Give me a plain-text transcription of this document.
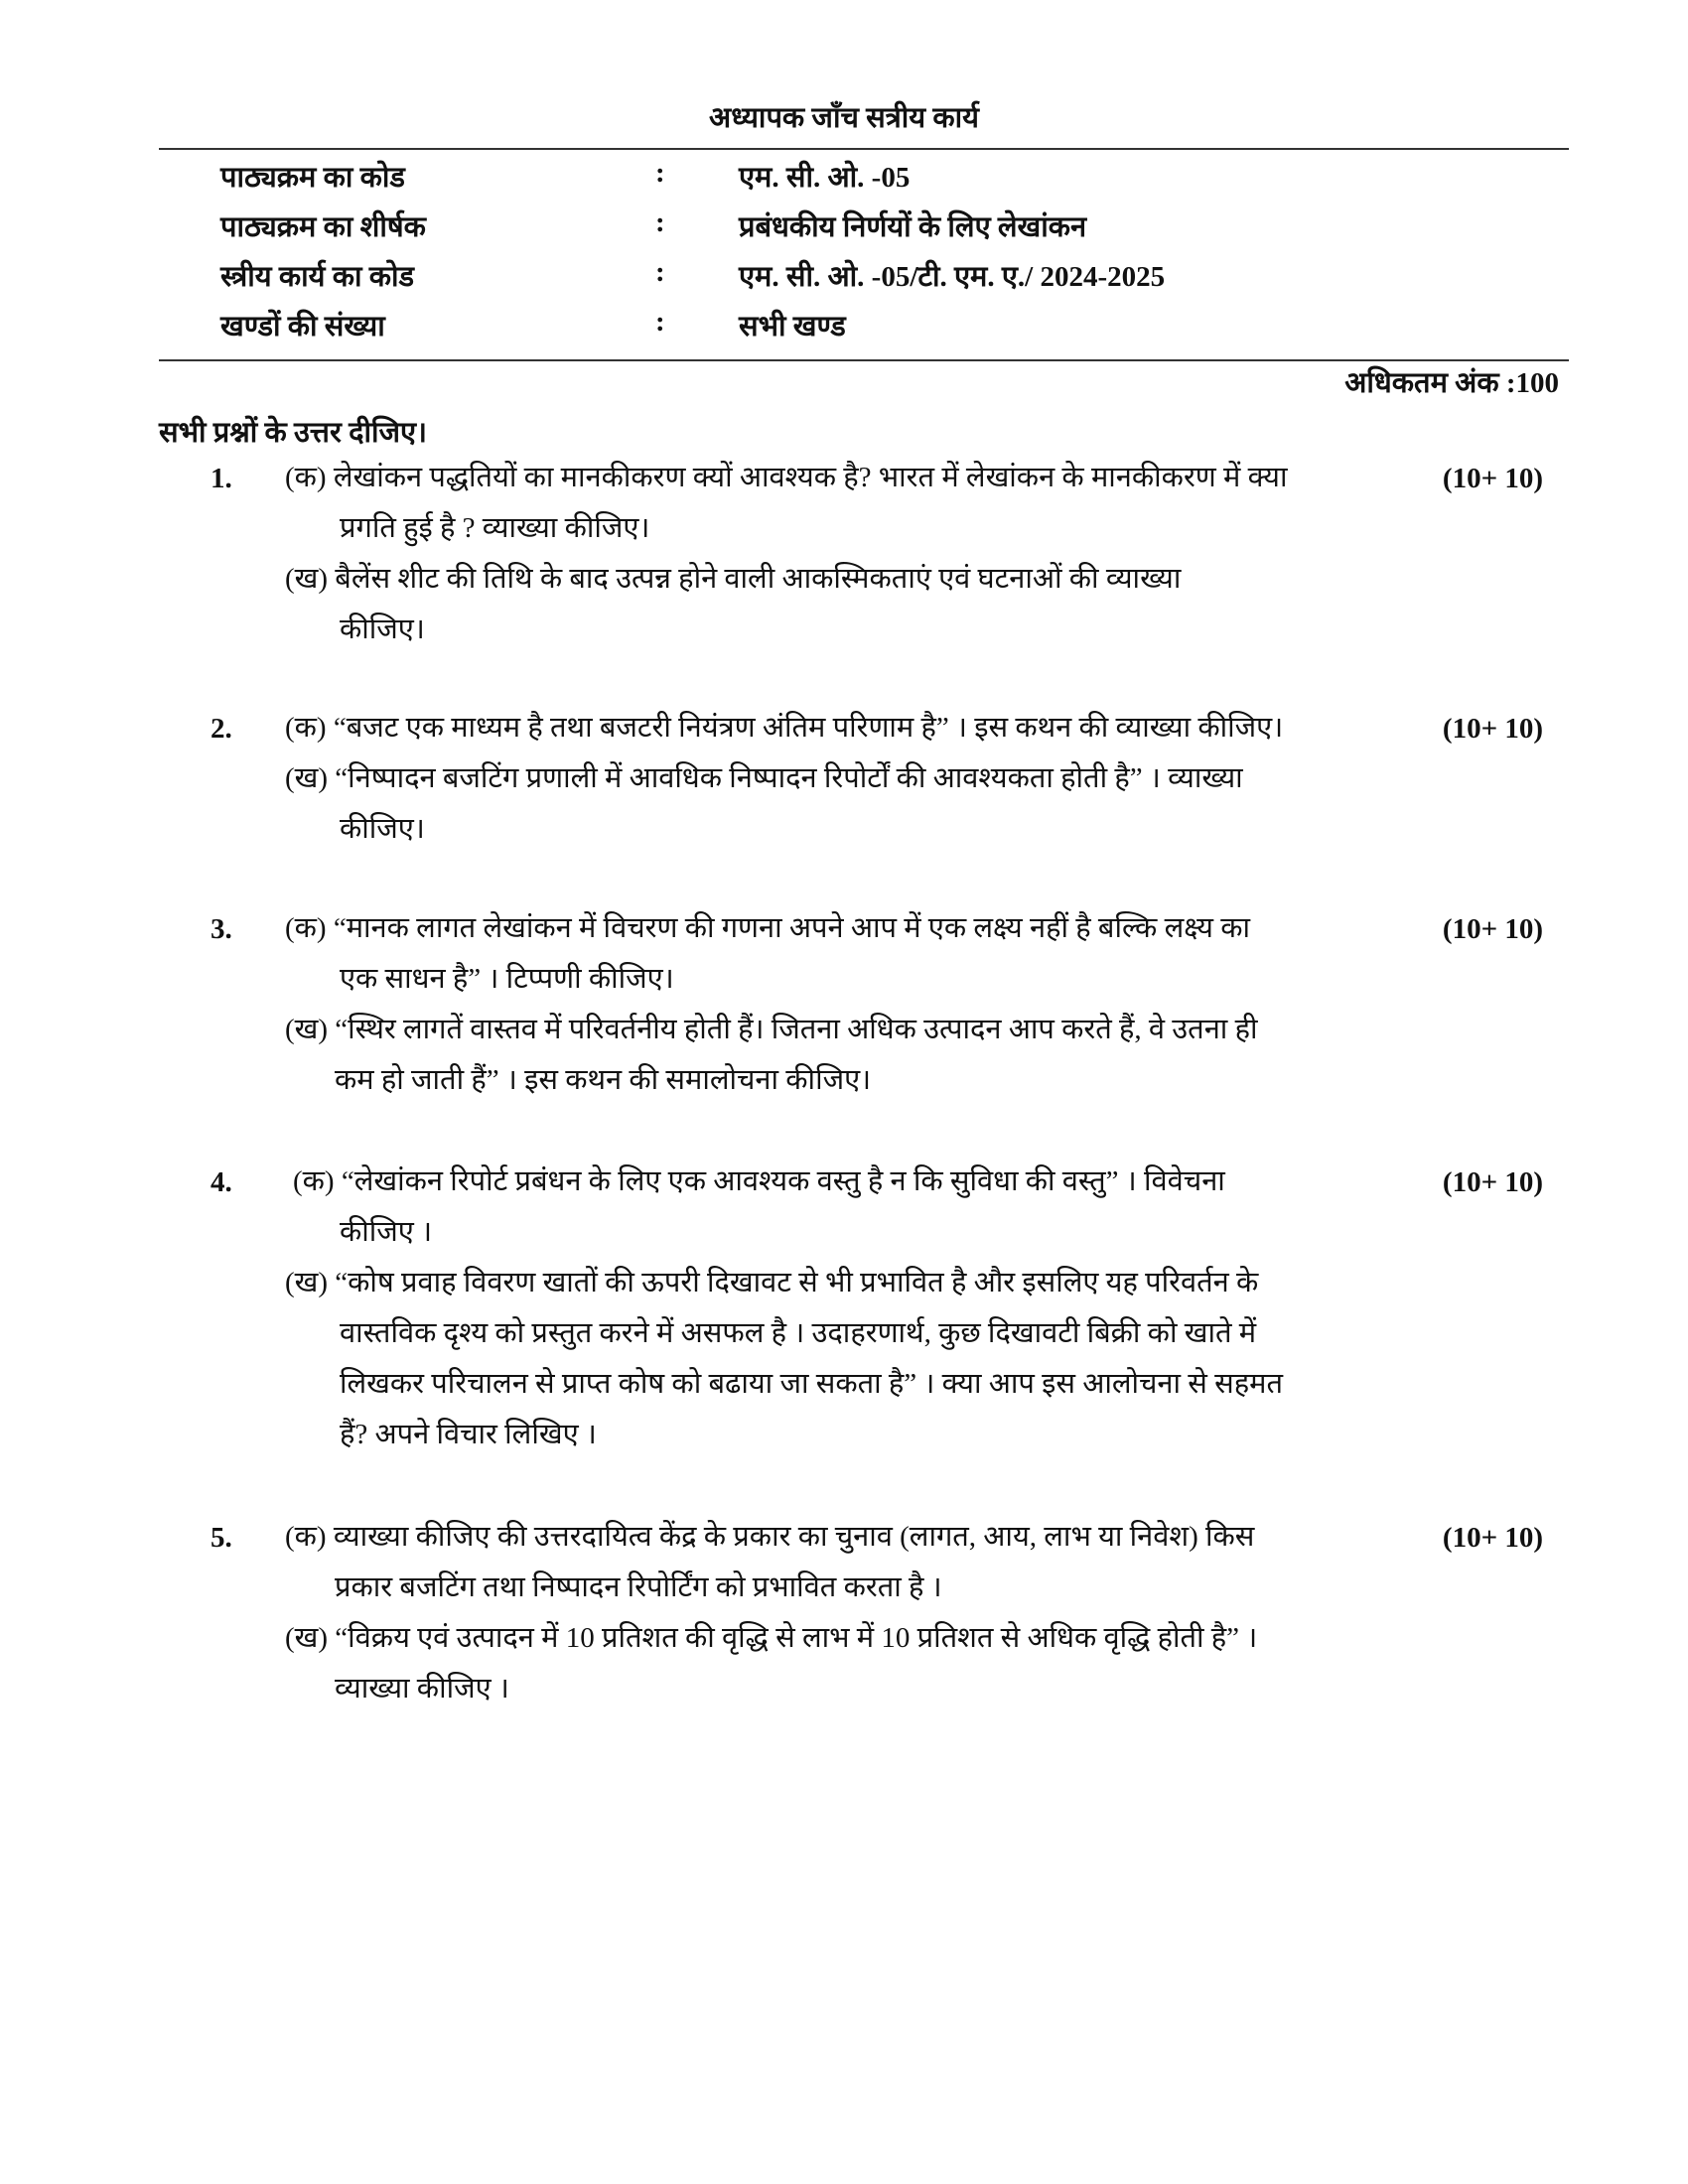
अध्यापक जाँच सत्रीय कार्य
पाठ्यक्रम का कोड	:	एम. सी. ओ. -05
पाठ्यक्रम का शीर्षक	:	प्रबंधकीय निर्णयों के लिए लेखांकन
स्त्रीय कार्य का कोड	:	एम. सी. ओ. -05/टी. एम. ए./ 2024-2025
खण्डों की संख्या	:	सभी खण्ड
अधिकतम अंक :100
सभी प्रश्नों के उत्तर दीजिए।
1.	(10+ 10)
(क) लेखांकन पद्धतियों का मानकीकरण क्यों आवश्यक है? भारत में लेखांकन के मानकीकरण में क्या
प्रगति हुई है ? व्याख्या कीजिए।
(ख) बैलेंस शीट की तिथि के बाद उत्पन्न होने वाली आकस्मिकताएं एवं घटनाओं की व्याख्या
कीजिए।
2.	(10+ 10)
(क) “बजट एक माध्यम है तथा बजटरी नियंत्रण अंतिम परिणाम है” । इस कथन की व्याख्या कीजिए।
(ख) “निष्पादन बजटिंग प्रणाली में आवधिक निष्पादन रिपोर्टों की आवश्यकता होती है” । व्याख्या
कीजिए।
3.	(10+ 10)
(क) “मानक लागत लेखांकन में विचरण की गणना अपने आप में एक लक्ष्य नहीं है बल्कि लक्ष्य का
एक साधन है” । टिप्पणी कीजिए।
(ख) “स्थिर लागतें वास्तव में परिवर्तनीय होती हैं। जितना अधिक उत्पादन आप करते हैं, वे उतना ही
कम हो जाती हैं” । इस कथन की समालोचना कीजिए।
4.	(10+ 10)
(क) “लेखांकन रिपोर्ट प्रबंधन के लिए एक आवश्यक वस्तु है न कि सुविधा की वस्तु” । विवेचना
कीजिए ।
(ख) “कोष प्रवाह विवरण खातों की ऊपरी दिखावट से भी प्रभावित है और इसलिए यह परिवर्तन के
वास्तविक दृश्य को प्रस्तुत करने में असफल है । उदाहरणार्थ, कुछ दिखावटी बिक्री को खाते में
लिखकर परिचालन से प्राप्त कोष को बढाया जा सकता है” । क्या आप इस आलोचना से सहमत
हैं? अपने विचार लिखिए ।
5.	(10+ 10)
(क) व्याख्या कीजिए की उत्तरदायित्व केंद्र के प्रकार का चुनाव (लागत, आय, लाभ या निवेश) किस
प्रकार बजटिंग तथा निष्पादन रिपोर्टिंग को प्रभावित करता है ।
(ख) “विक्रय एवं उत्पादन में 10 प्रतिशत की वृद्धि से लाभ में 10 प्रतिशत से अधिक वृद्धि होती है” ।
व्याख्या कीजिए ।
